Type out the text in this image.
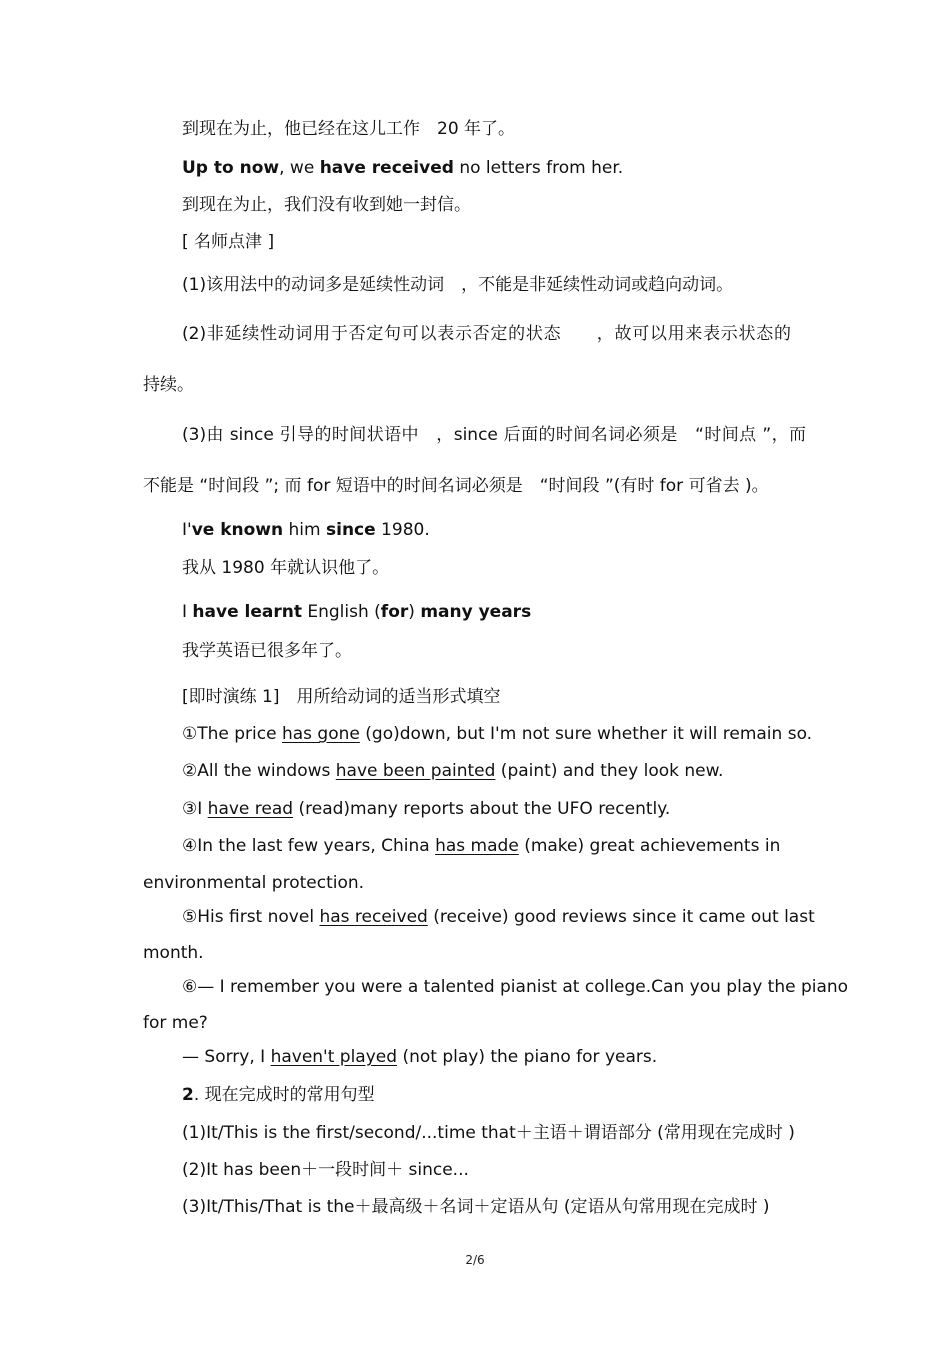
到现在为止，他已经在这儿工作　20 年了。
Up to now, we have received no letters from her.
到现在为止，我们没有收到她一封信。
[ 名师点津 ]
(1)该用法中的动词多是延续性动词　，不能是非延续性动词或趋向动词。
(2)非延续性动词用于否定句可以表示否定的状态　　，故可以用来表示状态的
持续。
(3)由 since 引导的时间状语中　，since 后面的时间名词必须是　“时间点 ”，而
不能是 “时间段 ”; 而 for 短语中的时间名词必须是　“时间段 ”(有时 for 可省去 )。
I've known him since 1980.
我从 1980 年就认识他了。
I have learnt English (for) many years
我学英语已很多年了。
[即时演练 1]　用所给动词的适当形式填空
①The price has gone (go)down, but I'm not sure whether it will remain so.
②All the windows have been painted (paint) and they look new.
③I have read (read)many reports about the UFO recently.
④In the last few years, China has made (make) great achievements in
environmental protection.
⑤His first novel has received (receive) good reviews since it came out last
month.
⑥— I remember you were a talented pianist at college.Can you play the piano
for me?
— Sorry, I haven't played (not play) the piano for years.
2. 现在完成时的常用句型
(1)It/This is the first/second/...time that＋主语＋谓语部分 (常用现在完成时 )
(2)It has been＋一段时间＋ since...
(3)It/This/That is the＋最高级＋名词＋定语从句 (定语从句常用现在完成时 )
2/6
